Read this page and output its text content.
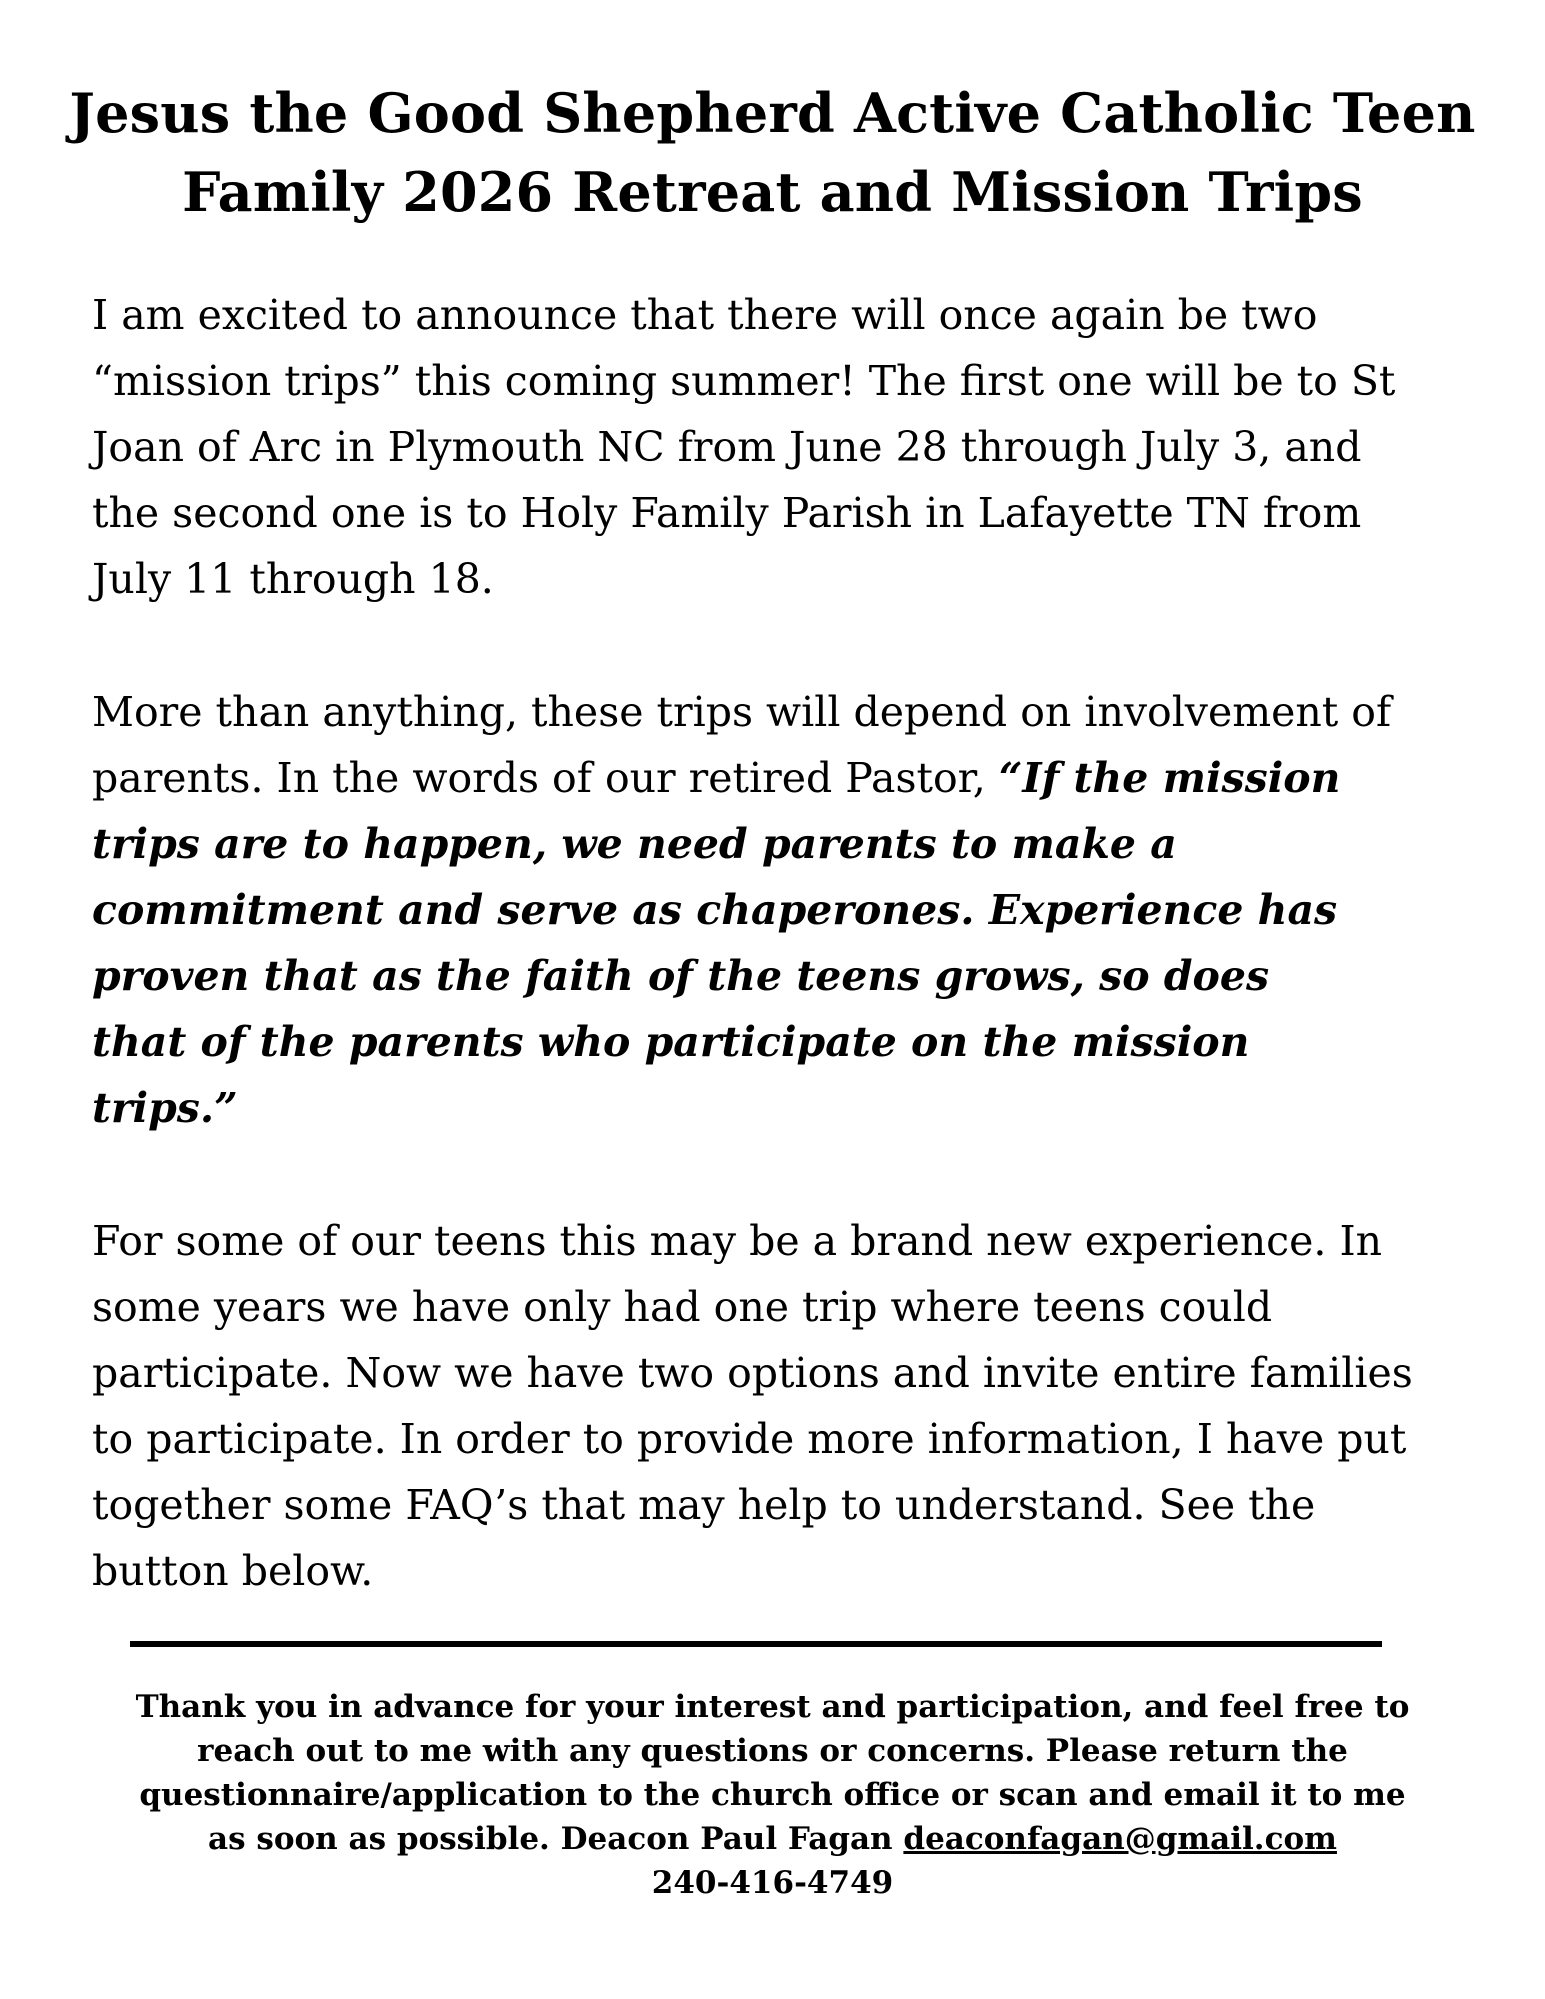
Jesus the Good Shepherd Active Catholic Teen
Family 2026 Retreat and Mission Trips

I am excited to announce that there will once again be two
“mission trips” this coming summer! The first one will be to St
Joan of Arc in Plymouth NC from June 28 through July 3, and
the second one is to Holy Family Parish in Lafayette TN from
July 11 through 18.

More than anything, these trips will depend on involvement of
parents. In the words of our retired Pastor, “If the mission
trips are to happen, we need parents to make a
commitment and serve as chaperones. Experience has
proven that as the faith of the teens grows, so does
that of the parents who participate on the mission
trips.”

For some of our teens this may be a brand new experience. In
some years we have only had one trip where teens could
participate. Now we have two options and invite entire families
to participate. In order to provide more information, I have put
together some FAQ’s that may help to understand. See the
button below.

Thank you in advance for your interest and participation, and feel free to
reach out to me with any questions or concerns. Please return the
questionnaire/application to the church office or scan and email it to me
as soon as possible. Deacon Paul Fagan deaconfagan@gmail.com
240-416-4749
